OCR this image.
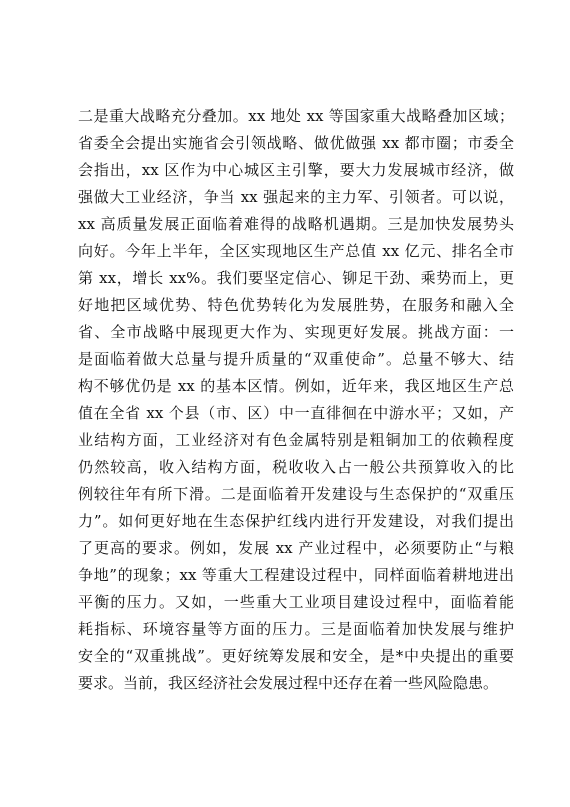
二是重大战略充分叠加。xx 地处 xx 等国家重大战略叠加区域；
省委全会提出实施省会引领战略、做优做强 xx 都市圈；市委全
会指出，xx 区作为中心城区主引擎，要大力发展城市经济，做
强做大工业经济，争当 xx 强起来的主力军、引领者。可以说，
xx 高质量发展正面临着难得的战略机遇期。三是加快发展势头
向好。今年上半年，全区实现地区生产总值 xx 亿元、排名全市
第 xx，增长 xx%。我们要坚定信心、铆足干劲、乘势而上，更
好地把区域优势、特色优势转化为发展胜势，在服务和融入全
省、全市战略中展现更大作为、实现更好发展。挑战方面：一
是面临着做大总量与提升质量的“双重使命”。总量不够大、结
构不够优仍是 xx 的基本区情。例如，近年来，我区地区生产总
值在全省 xx 个县（市、区）中一直徘徊在中游水平；又如，产
业结构方面，工业经济对有色金属特别是粗铜加工的依赖程度
仍然较高，收入结构方面，税收收入占一般公共预算收入的比
例较往年有所下滑。二是面临着开发建设与生态保护的“双重压
力”。如何更好地在生态保护红线内进行开发建设，对我们提出
了更高的要求。例如，发展 xx 产业过程中，必须要防止“与粮
争地”的现象；xx 等重大工程建设过程中，同样面临着耕地进出
平衡的压力。又如，一些重大工业项目建设过程中，面临着能
耗指标、环境容量等方面的压力。三是面临着加快发展与维护
安全的“双重挑战”。更好统筹发展和安全，是*中央提出的重要
要求。当前，我区经济社会发展过程中还存在着一些风险隐患。
